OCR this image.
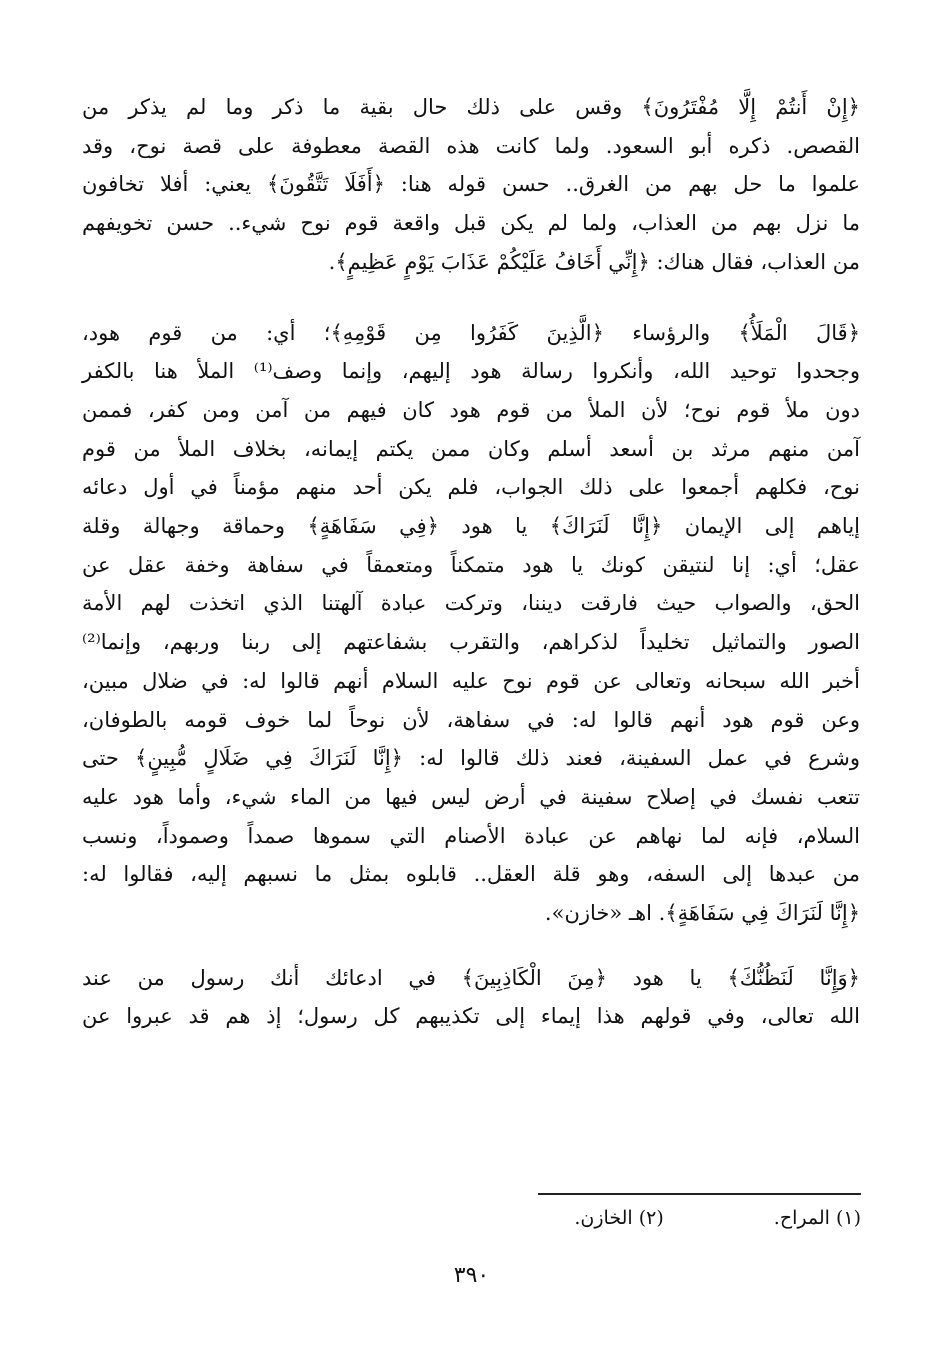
﴿إِنْ أَنتُمْ إِلَّا مُفْتَرُونَ﴾ وقس على ذلك حال بقية ما ذكر وما لم يذكر من
القصص. ذكره أبو السعود. ولما كانت هذه القصة معطوفة على قصة نوح، وقد
علموا ما حل بهم من الغرق.. حسن قوله هنا: ﴿أَفَلَا تَتَّقُونَ﴾ يعني: أفلا تخافون
ما نزل بهم من العذاب، ولما لم يكن قبل واقعة قوم نوح شيء.. حسن تخويفهم
من العذاب، فقال هناك: ﴿إِنِّي أَخَافُ عَلَيْكُمْ عَذَابَ يَوْمٍ عَظِيمٍ﴾.

﴿قَالَ الْمَلَأُ﴾ والرؤساء ﴿الَّذِينَ كَفَرُوا مِن قَوْمِهِ﴾؛ أي: من قوم هود،
وجحدوا توحيد الله، وأنكروا رسالة هود إليهم، وإنما وصف⁽¹⁾ الملأ هنا بالكفر
دون ملأ قوم نوح؛ لأن الملأ من قوم هود كان فيهم من آمن ومن كفر، فممن
آمن منهم مرثد بن أسعد أسلم وكان ممن يكتم إيمانه، بخلاف الملأ من قوم
نوح، فكلهم أجمعوا على ذلك الجواب، فلم يكن أحد منهم مؤمناً في أول دعائه
إياهم إلى الإيمان ﴿إِنَّا لَنَرَاكَ﴾ يا هود ﴿فِي سَفَاهَةٍ﴾ وحماقة وجهالة وقلة
عقل؛ أي: إنا لنتيقن كونك يا هود متمكناً ومتعمقاً في سفاهة وخفة عقل عن
الحق، والصواب حيث فارقت ديننا، وتركت عبادة آلهتنا الذي اتخذت لهم الأمة
الصور والتماثيل تخليداً لذكراهم، والتقرب بشفاعتهم إلى ربنا وربهم، وإنما⁽²⁾
أخبر الله سبحانه وتعالى عن قوم نوح عليه السلام أنهم قالوا له: في ضلال مبين،
وعن قوم هود أنهم قالوا له: في سفاهة، لأن نوحاً لما خوف قومه بالطوفان،
وشرع في عمل السفينة، فعند ذلك قالوا له: ﴿إِنَّا لَنَرَاكَ فِي ضَلَالٍ مُّبِينٍ﴾ حتى
تتعب نفسك في إصلاح سفينة في أرض ليس فيها من الماء شيء، وأما هود عليه
السلام، فإنه لما نهاهم عن عبادة الأصنام التي سموها صمداً وصموداً، ونسب
من عبدها إلى السفه، وهو قلة العقل.. قابلوه بمثل ما نسبهم إليه، فقالوا له:
﴿إِنَّا لَنَرَاكَ فِي سَفَاهَةٍ﴾. اهـ «خازن».

﴿وَإِنَّا لَنَظُنُّكَ﴾ يا هود ﴿مِنَ الْكَاذِبِينَ﴾ في ادعائك أنك رسول من عند
الله تعالى، وفي قولهم هذا إيماء إلى تكذيبهم كل رسول؛ إذ هم قد عبروا عن

(١) المراح.
(٢) الخازن.
٣٩٠
